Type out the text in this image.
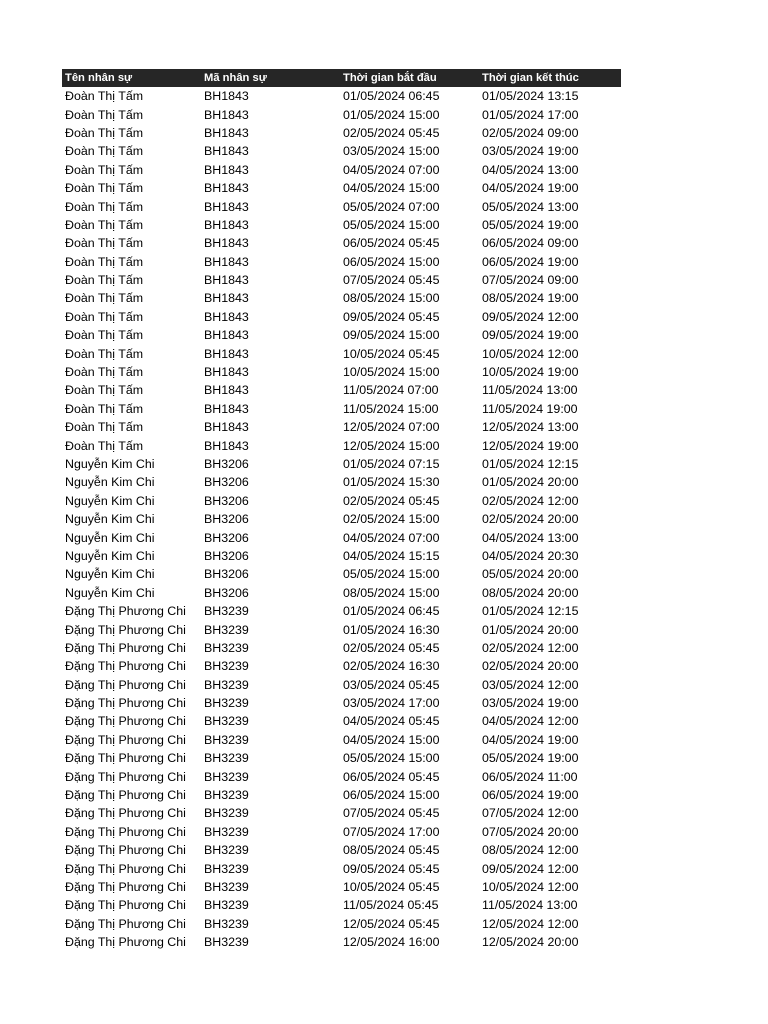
Tên nhân sự	Mã nhân sự	Thời gian bắt đầu	Thời gian kết thúc
Đoàn Thị Tấm	BH1843	01/05/2024 06:45	01/05/2024 13:15
Đoàn Thị Tấm	BH1843	01/05/2024 15:00	01/05/2024 17:00
Đoàn Thị Tấm	BH1843	02/05/2024 05:45	02/05/2024 09:00
Đoàn Thị Tấm	BH1843	03/05/2024 15:00	03/05/2024 19:00
Đoàn Thị Tấm	BH1843	04/05/2024 07:00	04/05/2024 13:00
Đoàn Thị Tấm	BH1843	04/05/2024 15:00	04/05/2024 19:00
Đoàn Thị Tấm	BH1843	05/05/2024 07:00	05/05/2024 13:00
Đoàn Thị Tấm	BH1843	05/05/2024 15:00	05/05/2024 19:00
Đoàn Thị Tấm	BH1843	06/05/2024 05:45	06/05/2024 09:00
Đoàn Thị Tấm	BH1843	06/05/2024 15:00	06/05/2024 19:00
Đoàn Thị Tấm	BH1843	07/05/2024 05:45	07/05/2024 09:00
Đoàn Thị Tấm	BH1843	08/05/2024 15:00	08/05/2024 19:00
Đoàn Thị Tấm	BH1843	09/05/2024 05:45	09/05/2024 12:00
Đoàn Thị Tấm	BH1843	09/05/2024 15:00	09/05/2024 19:00
Đoàn Thị Tấm	BH1843	10/05/2024 05:45	10/05/2024 12:00
Đoàn Thị Tấm	BH1843	10/05/2024 15:00	10/05/2024 19:00
Đoàn Thị Tấm	BH1843	11/05/2024 07:00	11/05/2024 13:00
Đoàn Thị Tấm	BH1843	11/05/2024 15:00	11/05/2024 19:00
Đoàn Thị Tấm	BH1843	12/05/2024 07:00	12/05/2024 13:00
Đoàn Thị Tấm	BH1843	12/05/2024 15:00	12/05/2024 19:00
Nguyễn Kim Chi	BH3206	01/05/2024 07:15	01/05/2024 12:15
Nguyễn Kim Chi	BH3206	01/05/2024 15:30	01/05/2024 20:00
Nguyễn Kim Chi	BH3206	02/05/2024 05:45	02/05/2024 12:00
Nguyễn Kim Chi	BH3206	02/05/2024 15:00	02/05/2024 20:00
Nguyễn Kim Chi	BH3206	04/05/2024 07:00	04/05/2024 13:00
Nguyễn Kim Chi	BH3206	04/05/2024 15:15	04/05/2024 20:30
Nguyễn Kim Chi	BH3206	05/05/2024 15:00	05/05/2024 20:00
Nguyễn Kim Chi	BH3206	08/05/2024 15:00	08/05/2024 20:00
Đặng Thị Phương Chi	BH3239	01/05/2024 06:45	01/05/2024 12:15
Đặng Thị Phương Chi	BH3239	01/05/2024 16:30	01/05/2024 20:00
Đặng Thị Phương Chi	BH3239	02/05/2024 05:45	02/05/2024 12:00
Đặng Thị Phương Chi	BH3239	02/05/2024 16:30	02/05/2024 20:00
Đặng Thị Phương Chi	BH3239	03/05/2024 05:45	03/05/2024 12:00
Đặng Thị Phương Chi	BH3239	03/05/2024 17:00	03/05/2024 19:00
Đặng Thị Phương Chi	BH3239	04/05/2024 05:45	04/05/2024 12:00
Đặng Thị Phương Chi	BH3239	04/05/2024 15:00	04/05/2024 19:00
Đặng Thị Phương Chi	BH3239	05/05/2024 15:00	05/05/2024 19:00
Đặng Thị Phương Chi	BH3239	06/05/2024 05:45	06/05/2024 11:00
Đặng Thị Phương Chi	BH3239	06/05/2024 15:00	06/05/2024 19:00
Đặng Thị Phương Chi	BH3239	07/05/2024 05:45	07/05/2024 12:00
Đặng Thị Phương Chi	BH3239	07/05/2024 17:00	07/05/2024 20:00
Đặng Thị Phương Chi	BH3239	08/05/2024 05:45	08/05/2024 12:00
Đặng Thị Phương Chi	BH3239	09/05/2024 05:45	09/05/2024 12:00
Đặng Thị Phương Chi	BH3239	10/05/2024 05:45	10/05/2024 12:00
Đặng Thị Phương Chi	BH3239	11/05/2024 05:45	11/05/2024 13:00
Đặng Thị Phương Chi	BH3239	12/05/2024 05:45	12/05/2024 12:00
Đặng Thị Phương Chi	BH3239	12/05/2024 16:00	12/05/2024 20:00
